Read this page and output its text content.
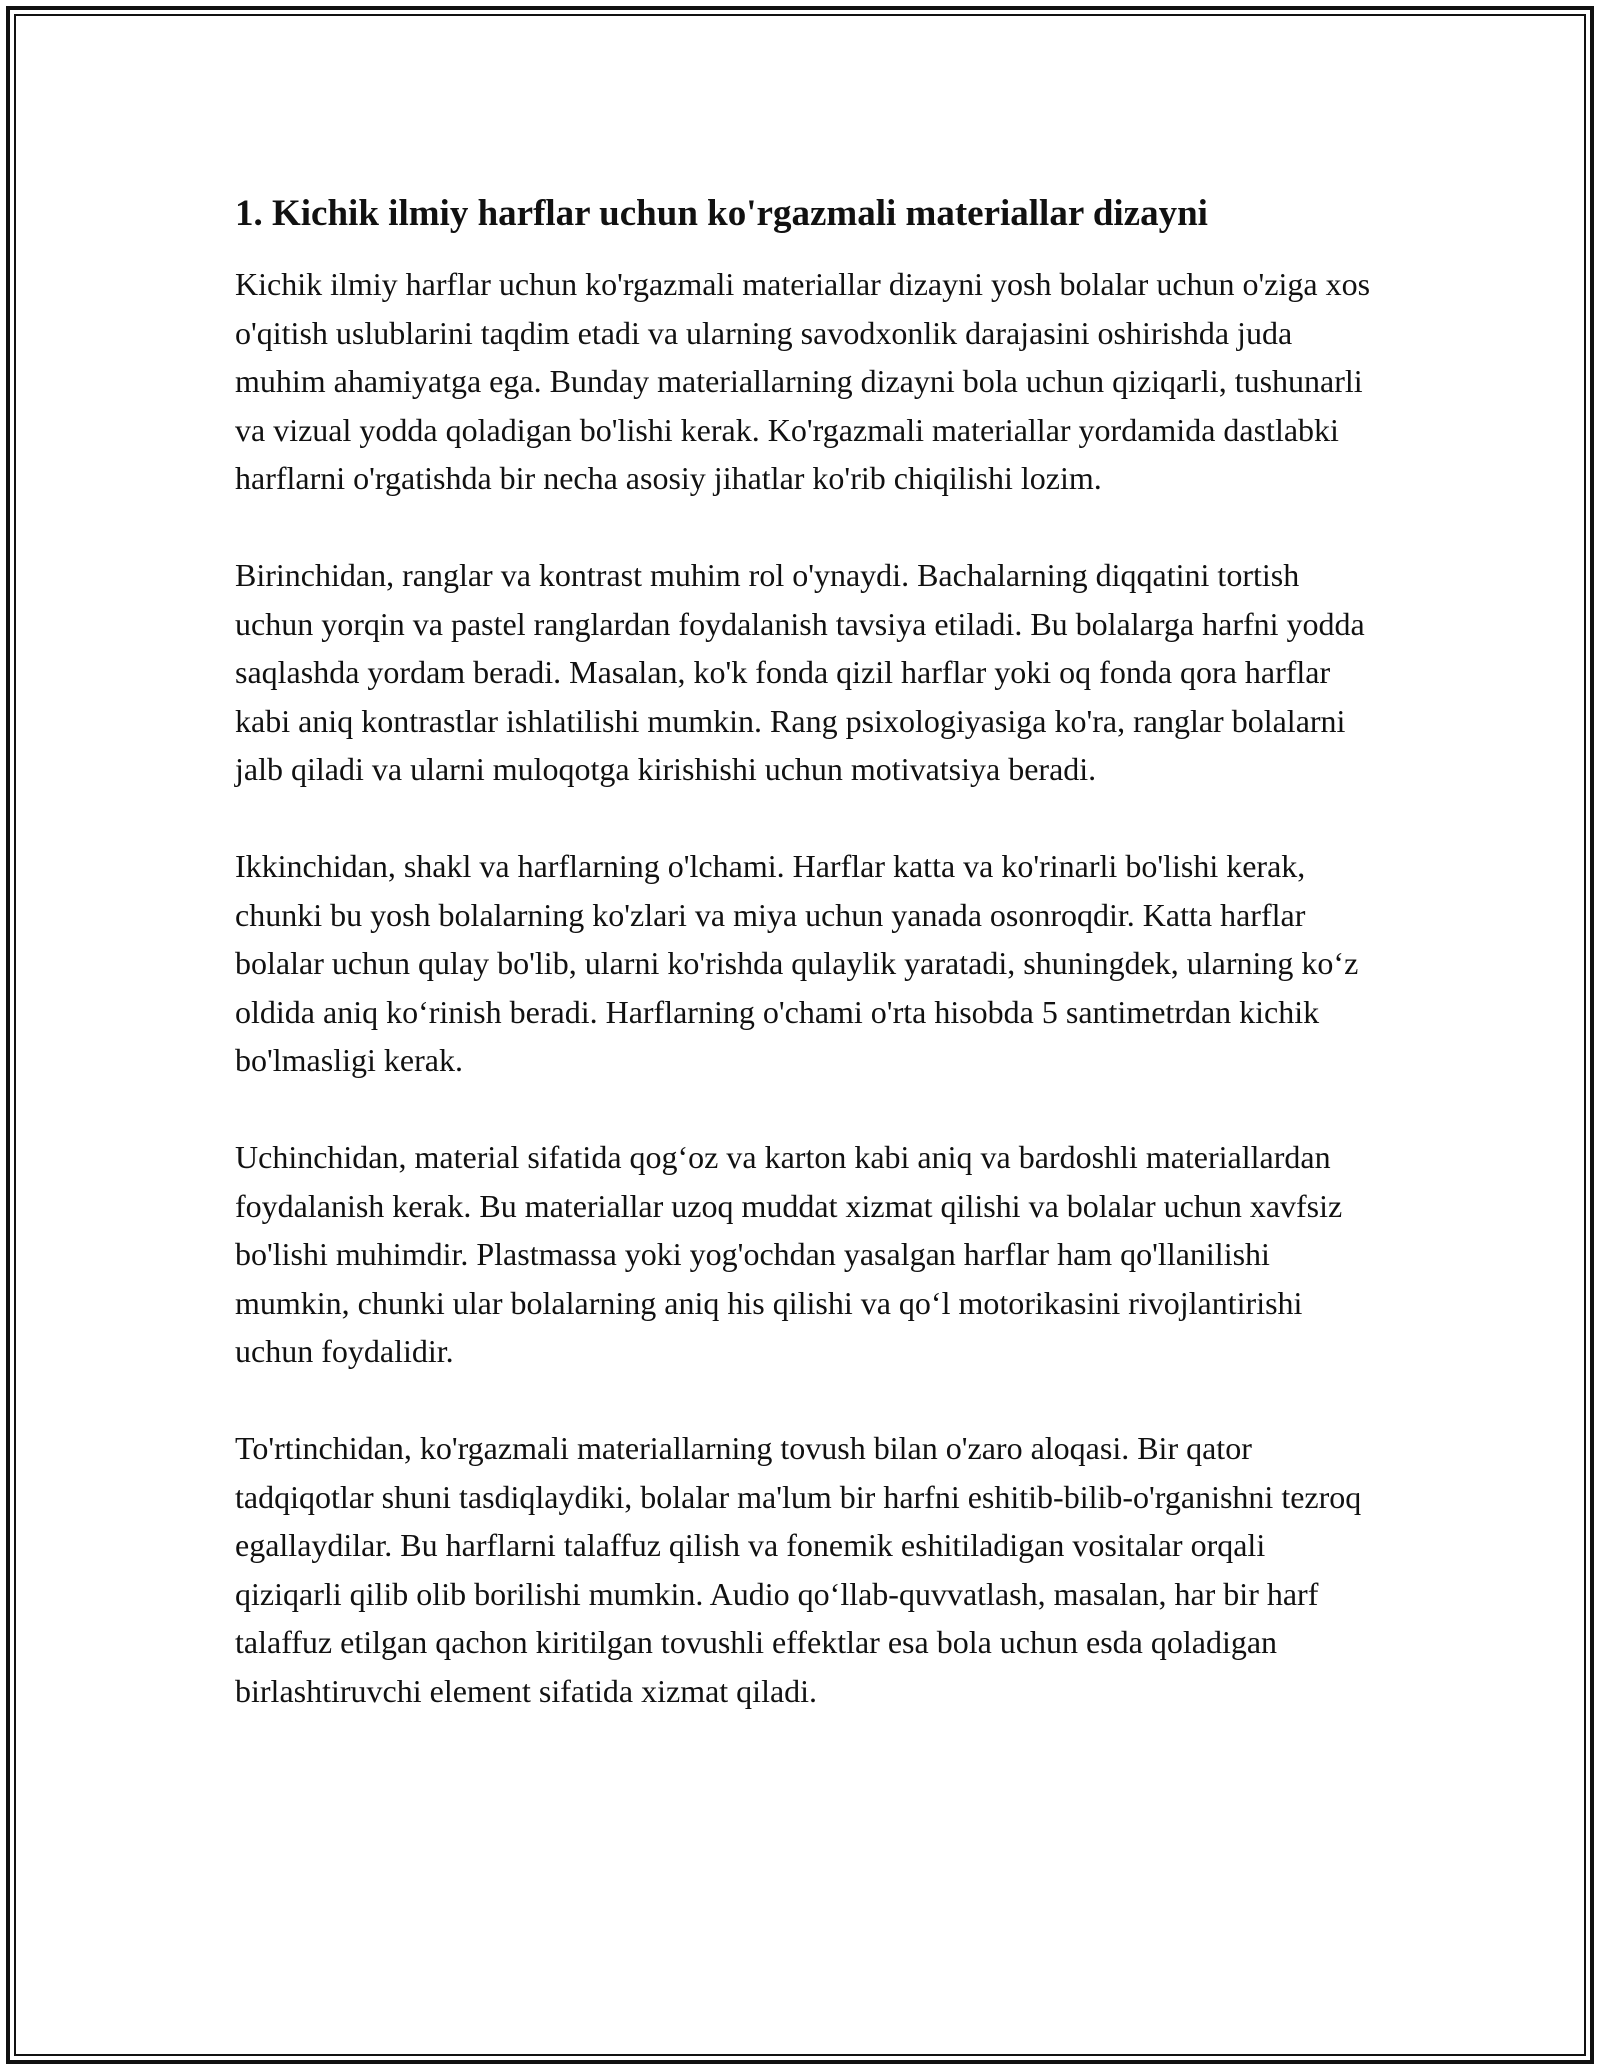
1. Kichik ilmiy harflar uchun ko'rgazmali materiallar dizayni

Kichik ilmiy harflar uchun ko'rgazmali materiallar dizayni yosh bolalar uchun o'ziga xos o'qitish uslublarini taqdim etadi va ularning savodxonlik darajasini oshirishda juda muhim ahamiyatga ega. Bunday materiallarning dizayni bola uchun qiziqarli, tushunarli va vizual yodda qoladigan bo'lishi kerak. Ko'rgazmali materiallar yordamida dastlabki harflarni o'rgatishda bir necha asosiy jihatlar ko'rib chiqilishi lozim.

Birinchidan, ranglar va kontrast muhim rol o'ynaydi. Bachalarning diqqatini tortish uchun yorqin va pastel ranglardan foydalanish tavsiya etiladi. Bu bolalarga harfni yodda saqlashda yordam beradi. Masalan, ko'k fonda qizil harflar yoki oq fonda qora harflar kabi aniq kontrastlar ishlatilishi mumkin. Rang psixologiyasiga ko'ra, ranglar bolalarni jalb qiladi va ularni muloqotga kirishishi uchun motivatsiya beradi.

Ikkinchidan, shakl va harflarning o'lchami. Harflar katta va ko'rinarli bo'lishi kerak, chunki bu yosh bolalarning ko'zlari va miya uchun yanada osonroqdir. Katta harflar bolalar uchun qulay bo'lib, ularni ko'rishda qulaylik yaratadi, shuningdek, ularning ko‘z oldida aniq ko‘rinish beradi. Harflarning o'chami o'rta hisobda 5 santimetrdan kichik bo'lmasligi kerak.

Uchinchidan, material sifatida qog‘oz va karton kabi aniq va bardoshli materiallardan foydalanish kerak. Bu materiallar uzoq muddat xizmat qilishi va bolalar uchun xavfsiz bo'lishi muhimdir. Plastmassa yoki yog'ochdan yasalgan harflar ham qo'llanilishi mumkin, chunki ular bolalarning aniq his qilishi va qo‘l motorikasini rivojlantirishi uchun foydalidir.

To'rtinchidan, ko'rgazmali materiallarning tovush bilan o'zaro aloqasi. Bir qator tadqiqotlar shuni tasdiqlaydiki, bolalar ma'lum bir harfni eshitib-bilib-o'rganishni tezroq egallaydilar. Bu harflarni talaffuz qilish va fonemik eshitiladigan vositalar orqali qiziqarli qilib olib borilishi mumkin. Audio qo‘llab-quvvatlash, masalan, har bir harf talaffuz etilgan qachon kiritilgan tovushli effektlar esa bola uchun esda qoladigan birlashtiruvchi element sifatida xizmat qiladi.
